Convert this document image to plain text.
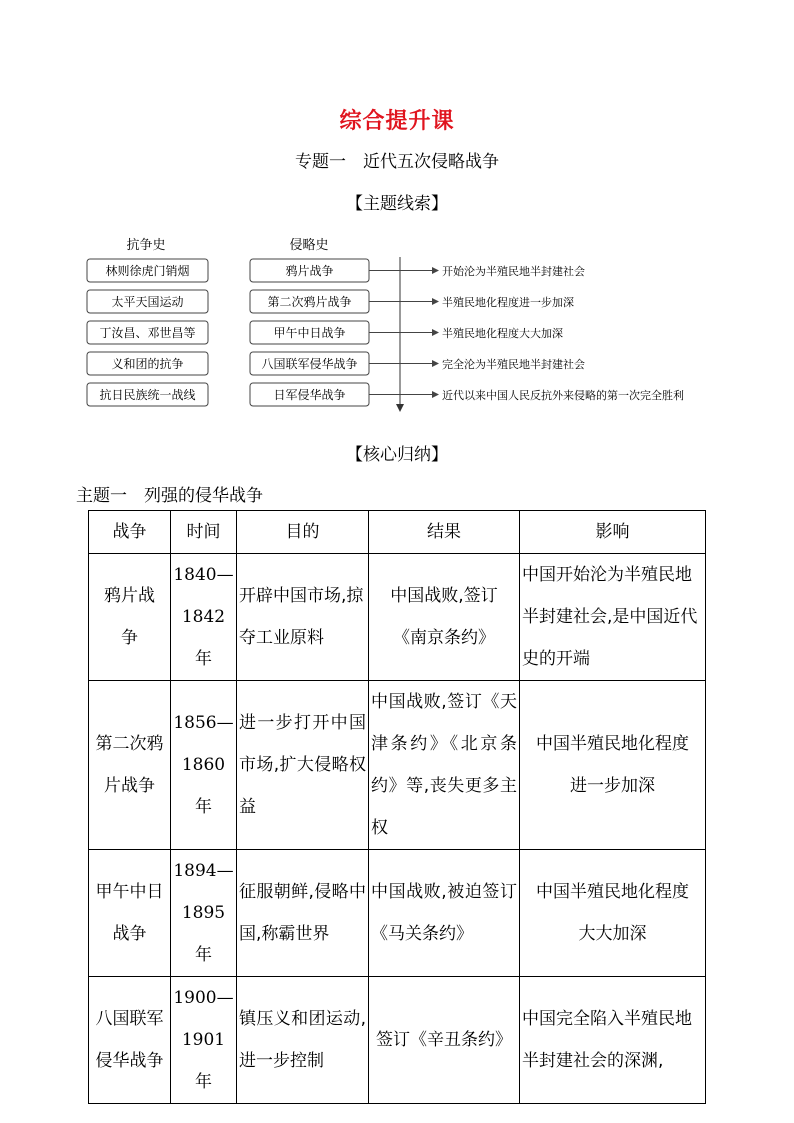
综合提升课
专题一　近代五次侵略战争
【主题线索】
抗争史	侵略史
林则徐虎门销烟	鸦片战争	开始沦为半殖民地半封建社会
太平天国运动	第二次鸦片战争	半殖民地化程度进一步加深
丁汝昌、邓世昌等	甲午中日战争	半殖民地化程度大大加深
义和团的抗争	八国联军侵华战争	完全沦为半殖民地半封建社会
抗日民族统一战线	日军侵华战争	近代以来中国人民反抗外来侵略的第一次完全胜利
【核心归纳】
主题一　列强的侵华战争
战争	时间	目的	结果	影响
鸦片战争	1840—1842 年	开辟中国市场,掠夺工业原料	中国战败,签订《南京条约》	中国开始沦为半殖民地半封建社会,是中国近代史的开端
第二次鸦片战争	1856—1860 年	进一步打开中国市场,扩大侵略权益	中国战败,签订《天津条约》《北京条约》等,丧失更多主权	中国半殖民地化程度进一步加深
甲午中日战争	1894—1895 年	征服朝鲜,侵略中国,称霸世界	中国战败,被迫签订《马关条约》	中国半殖民地化程度大大加深
八国联军侵华战争	1900—1901 年	镇压义和团运动,进一步控制	签订《辛丑条约》	中国完全陷入半殖民地半封建社会的深渊,
